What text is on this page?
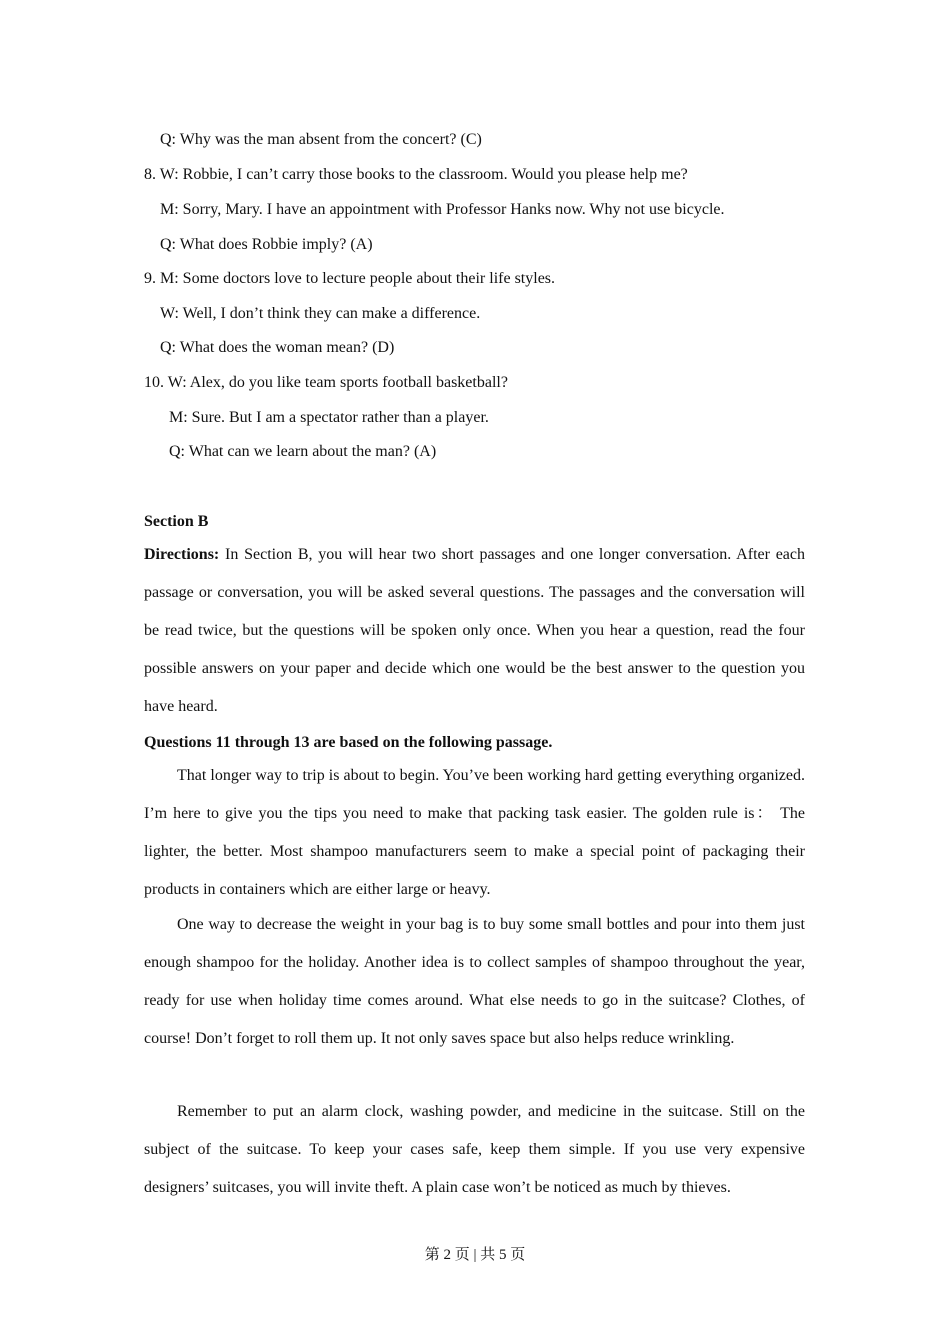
Q: Why was the man absent from the concert? (C)
8. W: Robbie, I can’t carry those books to the classroom. Would you please help me?
M: Sorry, Mary. I have an appointment with Professor Hanks now. Why not use bicycle.
Q: What does Robbie imply? (A)
9. M: Some doctors love to lecture people about their life styles.
W: Well, I don’t think they can make a difference.
Q: What does the woman mean? (D)
10. W: Alex, do you like team sports football basketball?
M: Sure. But I am a spectator rather than a player.
Q: What can we learn about the man? (A)
Section B
Directions: In Section B, you will hear two short passages and one longer conversation. After each passage or conversation, you will be asked several questions. The passages and the conversation will be read twice, but the questions will be spoken only once. When you hear a question, read the four possible answers on your paper and decide which one would be the best answer to the question you have heard.
Questions 11 through 13 are based on the following passage.
That longer way to trip is about to begin. You’ve been working hard getting everything organized. I’m here to give you the tips you need to make that packing task easier. The golden rule is： The lighter, the better. Most shampoo manufacturers seem to make a special point of packaging their products in containers which are either large or heavy.
One way to decrease the weight in your bag is to buy some small bottles and pour into them just enough shampoo for the holiday. Another idea is to collect samples of shampoo throughout the year, ready for use when holiday time comes around. What else needs to go in the suitcase? Clothes, of course! Don’t forget to roll them up. It not only saves space but also helps reduce wrinkling.
Remember to put an alarm clock, washing powder, and medicine in the suitcase. Still on the subject of the suitcase. To keep your cases safe, keep them simple. If you use very expensive designers’ suitcases, you will invite theft. A plain case won’t be noticed as much by thieves.
第 2 页 | 共 5 页
